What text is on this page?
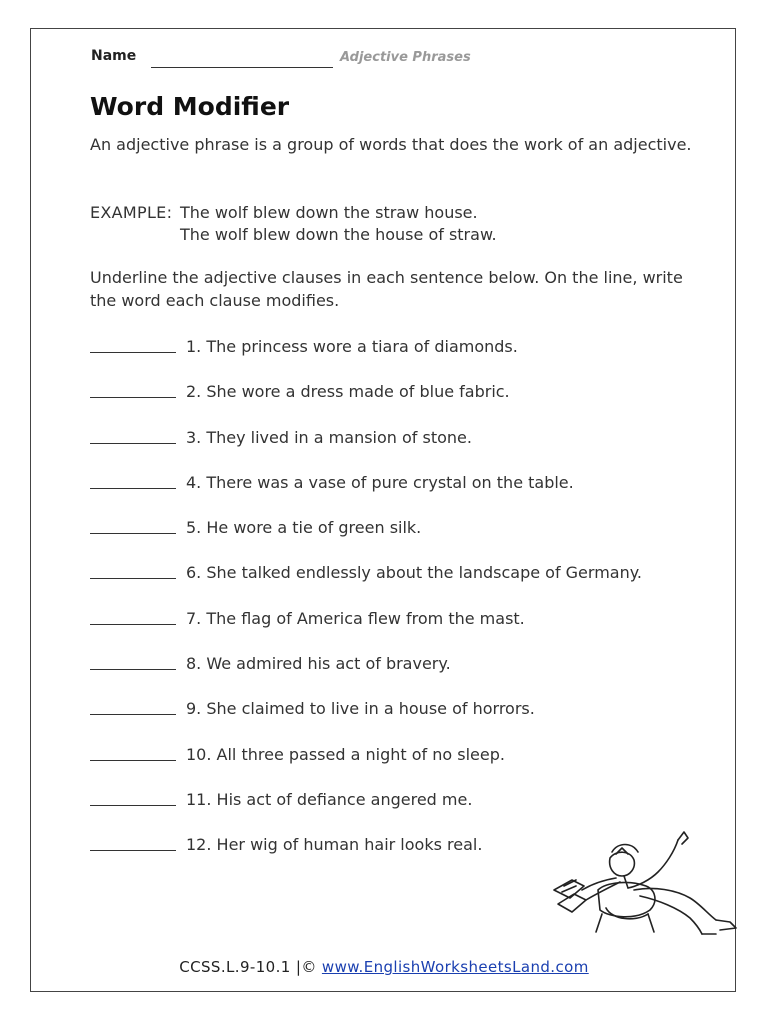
Name	Adjective Phrases
Word Modifier
An adjective phrase is a group of words that does the work of an adjective.
EXAMPLE: The wolf blew down the straw house.
The wolf blew down the house of straw.
Underline the adjective clauses in each sentence below. On the line, write the word each clause modifies.
1. The princess wore a tiara of diamonds.
2. She wore a dress made of blue fabric.
3. They lived in a mansion of stone.
4. There was a vase of pure crystal on the table.
5. He wore a tie of green silk.
6. She talked endlessly about the landscape of Germany.
7. The flag of America flew from the mast.
8. We admired his act of bravery.
9. She claimed to live in a house of horrors.
10. All three passed a night of no sleep.
11. His act of defiance angered me.
12. Her wig of human hair looks real.
CCSS.L.9-10.1 |© www.EnglishWorksheetsLand.com
